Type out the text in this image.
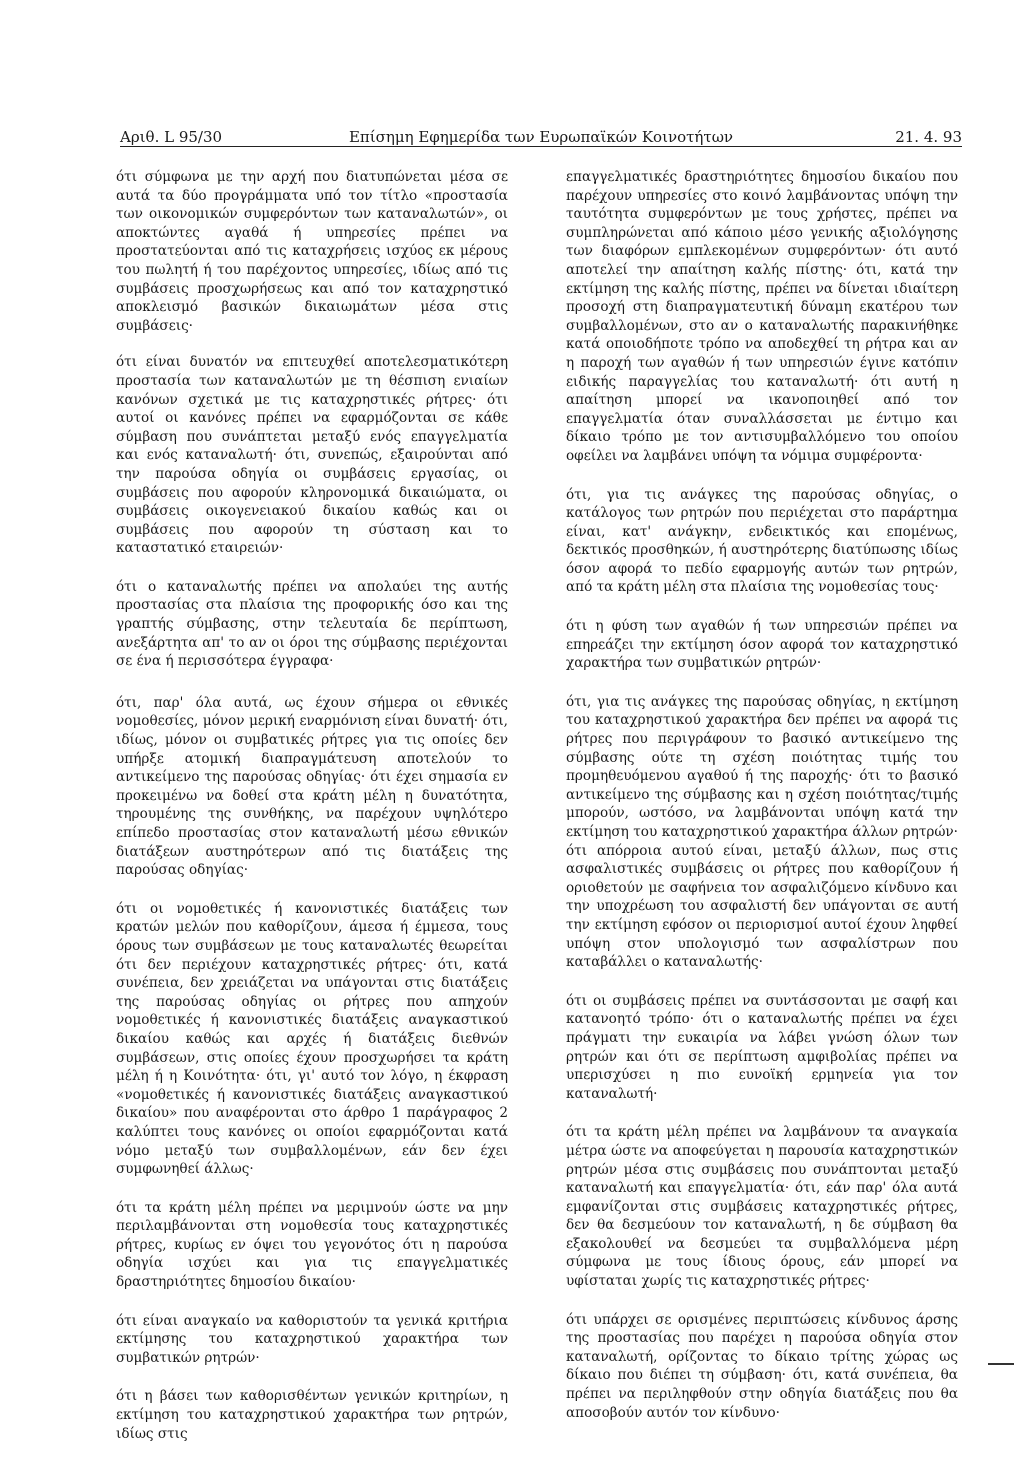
Αριθ. L 95/30	Επίσημη Εφημερίδα των Ευρωπαϊκών Κοινοτήτων	21. 4. 93

ότι σύμφωνα με την αρχή που διατυπώνεται μέσα σε αυτά τα δύο προγράμματα υπό τον τίτλο «προστασία των οικονομικών συμφερόντων των καταναλωτών», οι αποκτώντες αγαθά ή υπηρεσίες πρέπει να προστατεύονται από τις καταχρήσεις ισχύος εκ μέρους του πωλητή ή του παρέχοντος υπηρεσίες, ιδίως από τις συμβάσεις προσχωρήσεως και από τον καταχρηστικό αποκλεισμό βασικών δικαιωμάτων μέσα στις συμβάσεις·

ότι είναι δυνατόν να επιτευχθεί αποτελεσματικότερη προστασία των καταναλωτών με τη θέσπιση ενιαίων κανόνων σχετικά με τις καταχρηστικές ρήτρες· ότι αυτοί οι κανόνες πρέπει να εφαρμόζονται σε κάθε σύμβαση που συνάπτεται μεταξύ ενός επαγγελματία και ενός καταναλωτή· ότι, συνεπώς, εξαιρούνται από την παρούσα οδηγία οι συμβάσεις εργασίας, οι συμβάσεις που αφορούν κληρονομικά δικαιώματα, οι συμβάσεις οικογενειακού δικαίου καθώς και οι συμβάσεις που αφορούν τη σύσταση και το καταστατικό εταιρειών·

ότι ο καταναλωτής πρέπει να απολαύει της αυτής προστασίας στα πλαίσια της προφορικής όσο και της γραπτής σύμβασης, στην τελευταία δε περίπτωση, ανεξάρτητα απ' το αν οι όροι της σύμβασης περιέχονται σε ένα ή περισσότερα έγγραφα·

ότι, παρ' όλα αυτά, ως έχουν σήμερα οι εθνικές νομοθεσίες, μόνον μερική εναρμόνιση είναι δυνατή· ότι, ιδίως, μόνον οι συμβατικές ρήτρες για τις οποίες δεν υπήρξε ατομική διαπραγμάτευση αποτελούν το αντικείμενο της παρούσας οδηγίας· ότι έχει σημασία εν προκειμένω να δοθεί στα κράτη μέλη η δυνατότητα, τηρουμένης της συνθήκης, να παρέχουν υψηλότερο επίπεδο προστασίας στον καταναλωτή μέσω εθνικών διατάξεων αυστηρότερων από τις διατάξεις της παρούσας οδηγίας·

ότι οι νομοθετικές ή κανονιστικές διατάξεις των κρατών μελών που καθορίζουν, άμεσα ή έμμεσα, τους όρους των συμβάσεων με τους καταναλωτές θεωρείται ότι δεν περιέχουν καταχρηστικές ρήτρες· ότι, κατά συνέπεια, δεν χρειάζεται να υπάγονται στις διατάξεις της παρούσας οδηγίας οι ρήτρες που απηχούν νομοθετικές ή κανονιστικές διατάξεις αναγκαστικού δικαίου καθώς και αρχές ή διατάξεις διεθνών συμβάσεων, στις οποίες έχουν προσχωρήσει τα κράτη μέλη ή η Κοινότητα· ότι, γι' αυτό τον λόγο, η έκφραση «νομοθετικές ή κανονιστικές διατάξεις αναγκαστικού δικαίου» που αναφέρονται στο άρθρο 1 παράγραφος 2 καλύπτει τους κανόνες οι οποίοι εφαρμόζονται κατά νόμο μεταξύ των συμβαλλομένων, εάν δεν έχει συμφωνηθεί άλλως·

ότι τα κράτη μέλη πρέπει να μεριμνούν ώστε να μην περιλαμβάνονται στη νομοθεσία τους καταχρηστικές ρήτρες, κυρίως εν όψει του γεγονότος ότι η παρούσα οδηγία ισχύει και για τις επαγγελματικές δραστηριότητες δημοσίου δικαίου·

ότι είναι αναγκαίο να καθοριστούν τα γενικά κριτήρια εκτίμησης του καταχρηστικού χαρακτήρα των συμβατικών ρητρών·

ότι η βάσει των καθορισθέντων γενικών κριτηρίων, η εκτίμηση του καταχρηστικού χαρακτήρα των ρητρών, ιδίως στις

επαγγελματικές δραστηριότητες δημοσίου δικαίου που παρέχουν υπηρεσίες στο κοινό λαμβάνοντας υπόψη την ταυτότητα συμφερόντων με τους χρήστες, πρέπει να συμπληρώνεται από κάποιο μέσο γενικής αξιολόγησης των διαφόρων εμπλεκομένων συμφερόντων· ότι αυτό αποτελεί την απαίτηση καλής πίστης· ότι, κατά την εκτίμηση της καλής πίστης, πρέπει να δίνεται ιδιαίτερη προσοχή στη διαπραγματευτική δύναμη εκατέρου των συμβαλλομένων, στο αν ο καταναλωτής παρακινήθηκε κατά οποιοδήποτε τρόπο να αποδεχθεί τη ρήτρα και αν η παροχή των αγαθών ή των υπηρεσιών έγινε κατόπιν ειδικής παραγγελίας του καταναλωτή· ότι αυτή η απαίτηση μπορεί να ικανοποιηθεί από τον επαγγελματία όταν συναλλάσσεται με έντιμο και δίκαιο τρόπο με τον αντισυμβαλλόμενο του οποίου οφείλει να λαμβάνει υπόψη τα νόμιμα συμφέροντα·

ότι, για τις ανάγκες της παρούσας οδηγίας, ο κατάλογος των ρητρών που περιέχεται στο παράρτημα είναι, κατ' ανάγκην, ενδεικτικός και επομένως, δεκτικός προσθηκών, ή αυστηρότερης διατύπωσης ιδίως όσον αφορά το πεδίο εφαρμογής αυτών των ρητρών, από τα κράτη μέλη στα πλαίσια της νομοθεσίας τους·

ότι η φύση των αγαθών ή των υπηρεσιών πρέπει να επηρεάζει την εκτίμηση όσον αφορά τον καταχρηστικό χαρακτήρα των συμβατικών ρητρών·

ότι, για τις ανάγκες της παρούσας οδηγίας, η εκτίμηση του καταχρηστικού χαρακτήρα δεν πρέπει να αφορά τις ρήτρες που περιγράφουν το βασικό αντικείμενο της σύμβασης ούτε τη σχέση ποιότητας τιμής του προμηθευόμενου αγαθού ή της παροχής· ότι το βασικό αντικείμενο της σύμβασης και η σχέση ποιότητας/τιμής μπορούν, ωστόσο, να λαμβάνονται υπόψη κατά την εκτίμηση του καταχρηστικού χαρακτήρα άλλων ρητρών· ότι απόρροια αυτού είναι, μεταξύ άλλων, πως στις ασφαλιστικές συμβάσεις οι ρήτρες που καθορίζουν ή οριοθετούν με σαφήνεια τον ασφαλιζόμενο κίνδυνο και την υποχρέωση του ασφαλιστή δεν υπάγονται σε αυτή την εκτίμηση εφόσον οι περιορισμοί αυτοί έχουν ληφθεί υπόψη στον υπολογισμό των ασφαλίστρων που καταβάλλει ο καταναλωτής·

ότι οι συμβάσεις πρέπει να συντάσσονται με σαφή και κατανοητό τρόπο· ότι ο καταναλωτής πρέπει να έχει πράγματι την ευκαιρία να λάβει γνώση όλων των ρητρών και ότι σε περίπτωση αμφιβολίας πρέπει να υπερισχύσει η πιο ευνοϊκή ερμηνεία για τον καταναλωτή·

ότι τα κράτη μέλη πρέπει να λαμβάνουν τα αναγκαία μέτρα ώστε να αποφεύγεται η παρουσία καταχρηστικών ρητρών μέσα στις συμβάσεις που συνάπτονται μεταξύ καταναλωτή και επαγγελματία· ότι, εάν παρ' όλα αυτά εμφανίζονται στις συμβάσεις καταχρηστικές ρήτρες, δεν θα δεσμεύουν τον καταναλωτή, η δε σύμβαση θα εξακολουθεί να δεσμεύει τα συμβαλλόμενα μέρη σύμφωνα με τους ίδιους όρους, εάν μπορεί να υφίσταται χωρίς τις καταχρηστικές ρήτρες·

ότι υπάρχει σε ορισμένες περιπτώσεις κίνδυνος άρσης της προστασίας που παρέχει η παρούσα οδηγία στον καταναλωτή, ορίζοντας το δίκαιο τρίτης χώρας ως δίκαιο που διέπει τη σύμβαση· ότι, κατά συνέπεια, θα πρέπει να περιληφθούν στην οδηγία διατάξεις που θα αποσοβούν αυτόν τον κίνδυνο·
